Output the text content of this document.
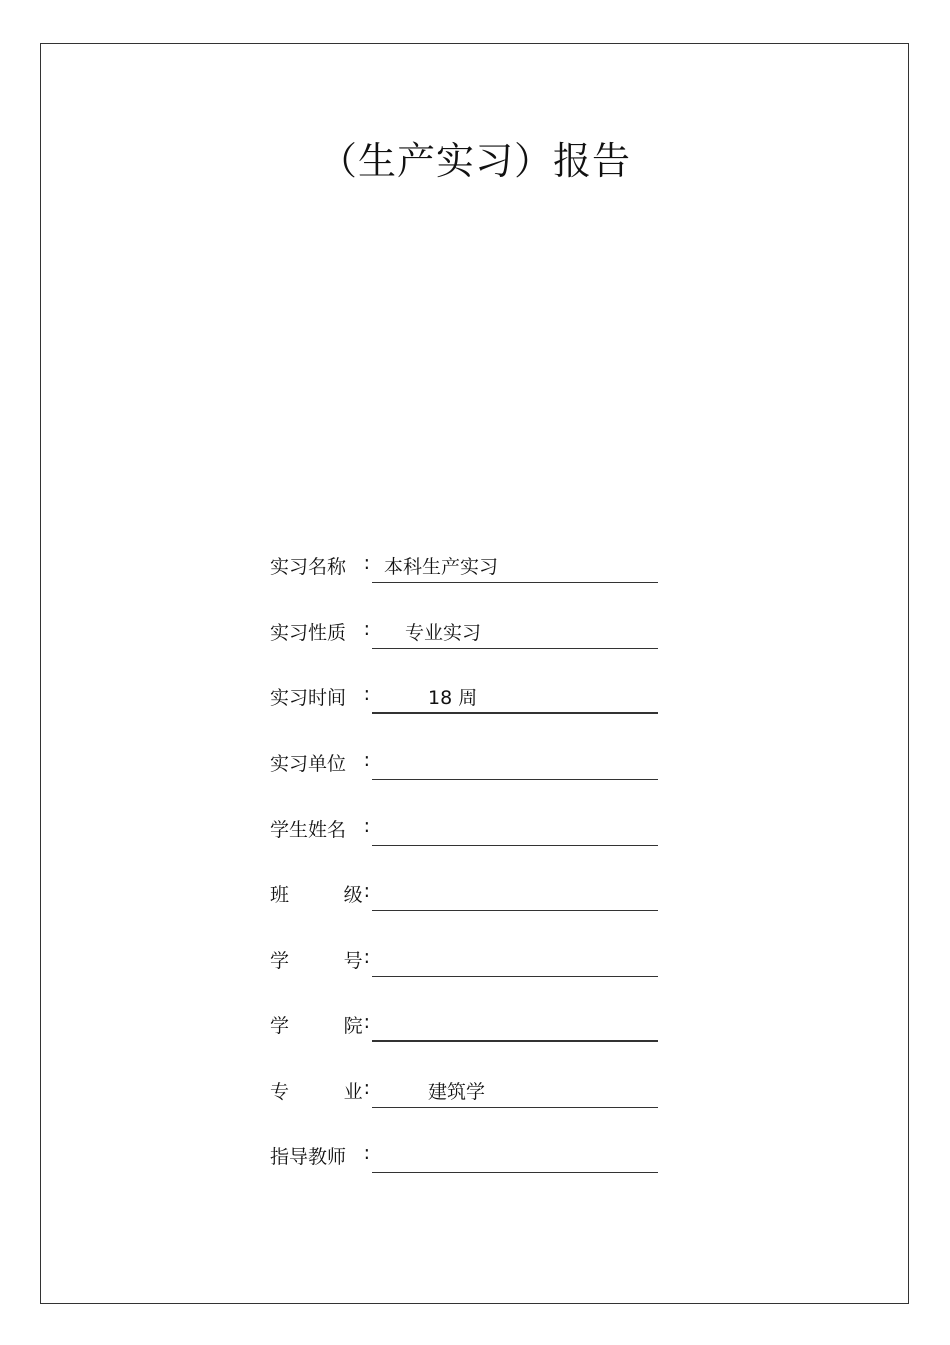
（生产实习）报告
实习名称 : 本科生产实习
实习性质 : 专业实习
实习时间 :	18 周
实习单位 :
学生姓名 :
班	级 :
学	号 :
学	院 :
专	业 :	建筑学
指导教师 :
